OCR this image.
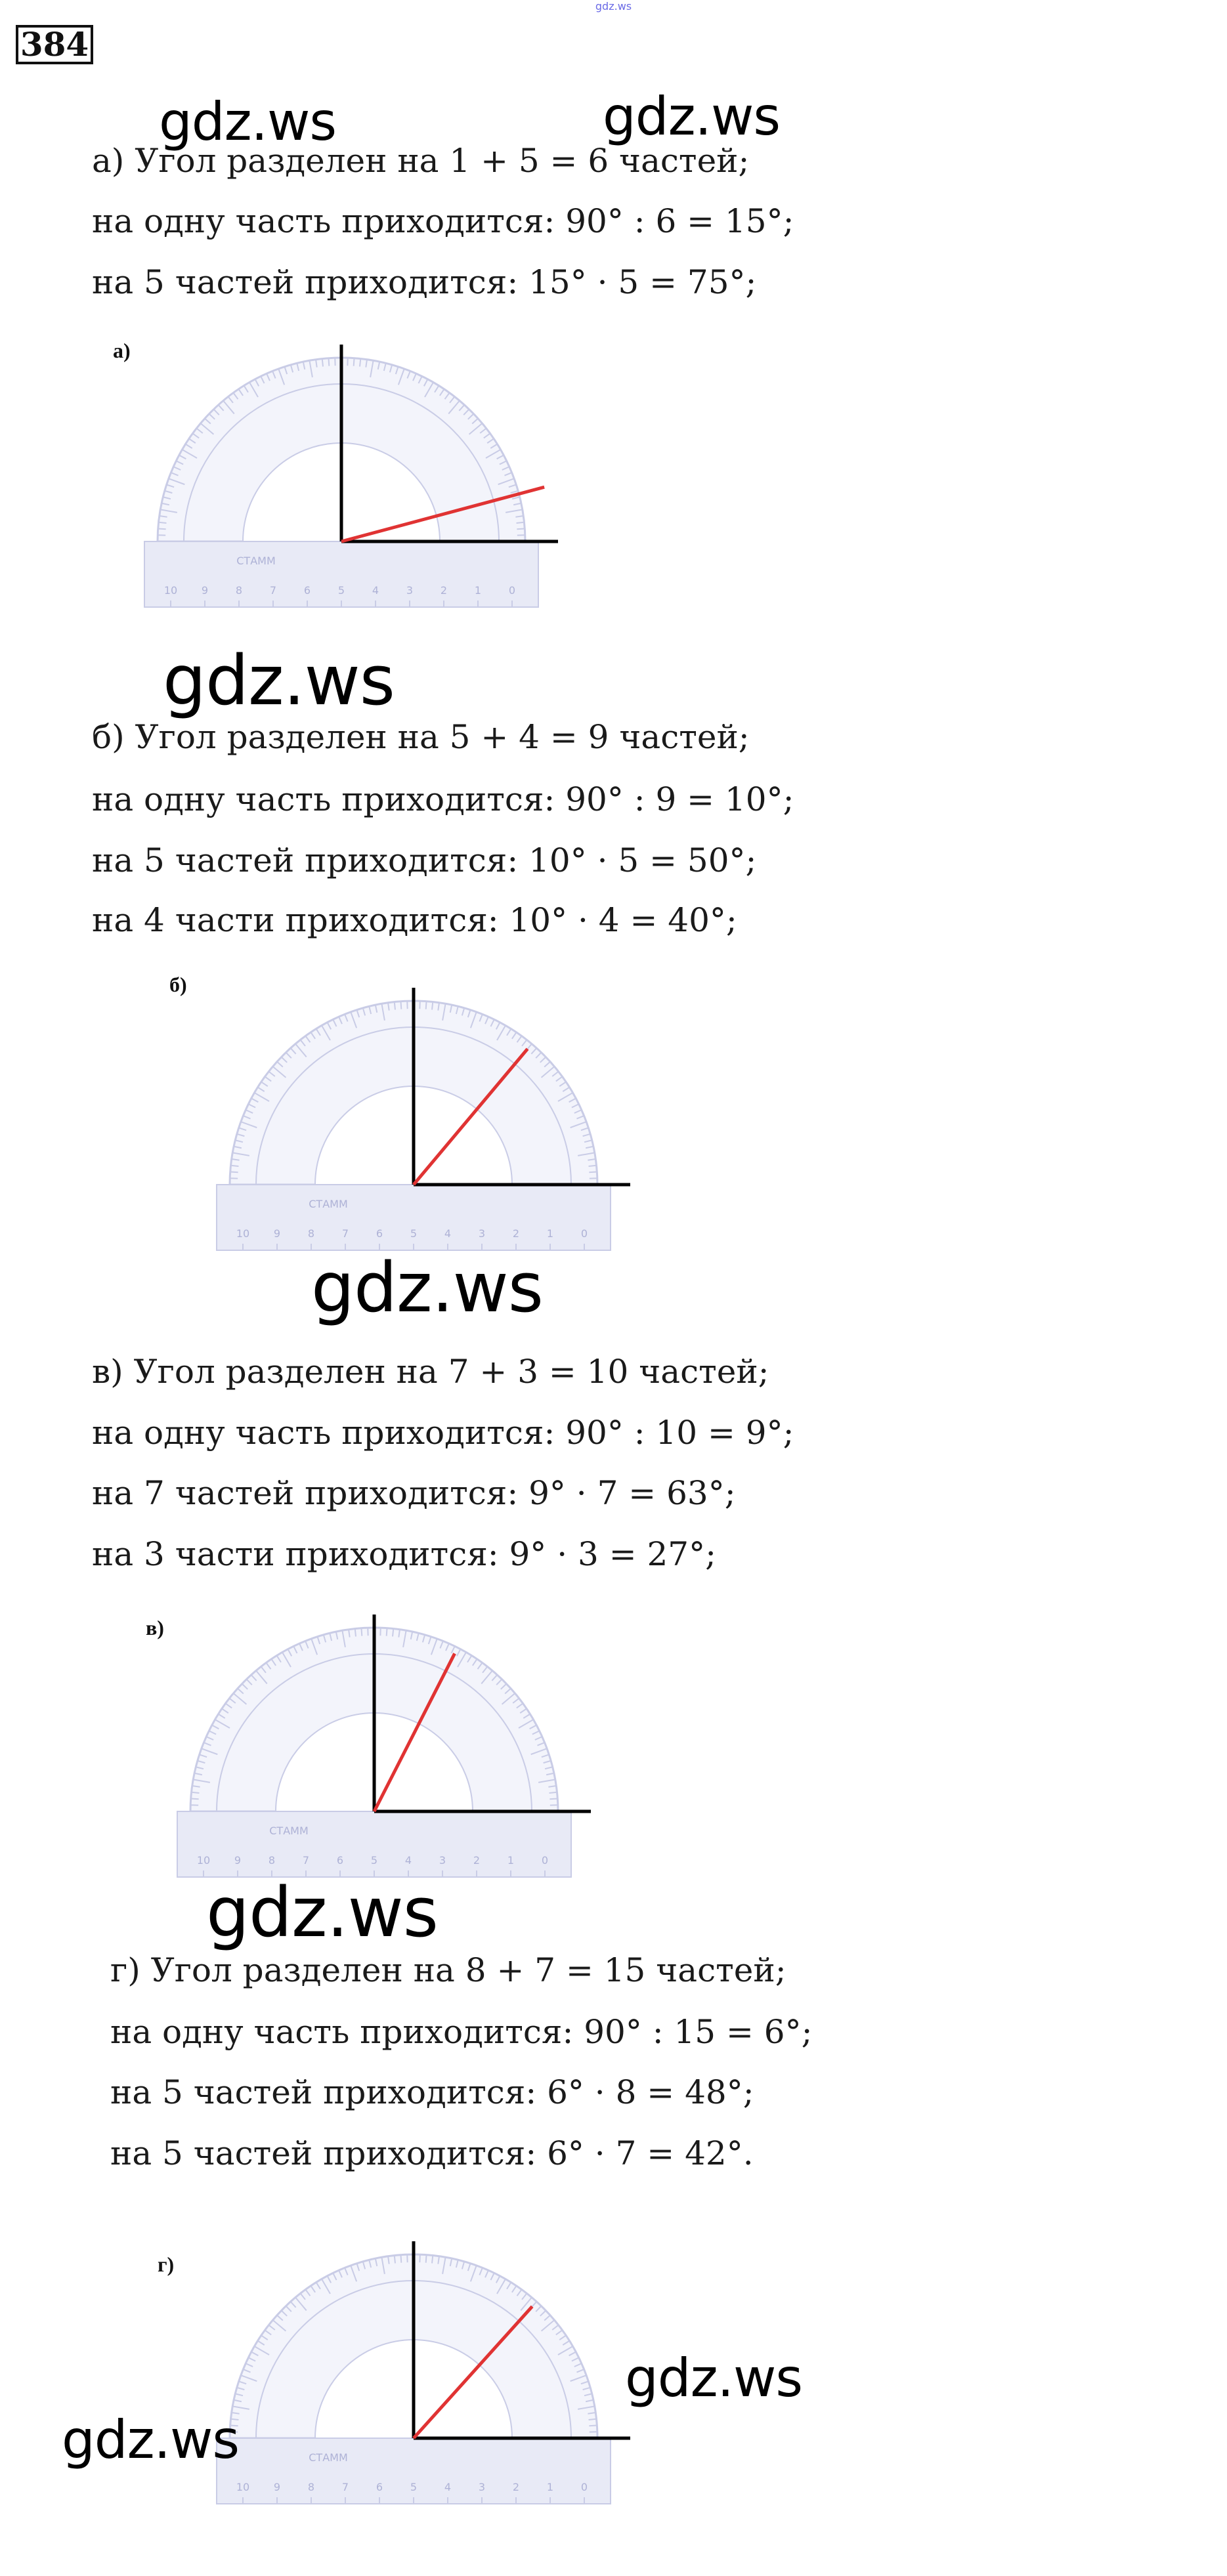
gdz.ws
384
а) Угол разделен на 1 + 5 = 6 частей;
на одну часть приходится: 90° : 6 = 15°;
на 5 частей приходится: 15° · 5 = 75°;
а)
10 9	8	7	6	5	4	3	2	1	0
СТАММ
б) Угол разделен на 5 + 4 = 9 частей;
на одну часть приходится: 90° : 9 = 10°;
на 5 частей приходится: 10° · 5 = 50°;
на 4 части приходится: 10° · 4 = 40°;
б)
10 9	8	7	6	5	4	3	2	1	0
СТАММ
в) Угол разделен на 7 + 3 = 10 частей;
на одну часть приходится: 90° : 10 = 9°;
на 7 частей приходится: 9° · 7 = 63°;
на 3 части приходится: 9° · 3 = 27°;
в)
10 9	8	7	6	5	4	3	2	1	0
СТАММ
г) Угол разделен на 8 + 7 = 15 частей;
на одну часть приходится: 90° : 15 = 6°;
на 5 частей приходится: 6° · 8 = 48°;
на 5 частей приходится: 6° · 7 = 42°.
г)
10 9	8	7	6	5	4	3	2	1	0
СТАММ
gdz.ws	gdz.ws
gdz.ws
gdz.ws
gdz.ws
gdz.ws
gdz.ws
